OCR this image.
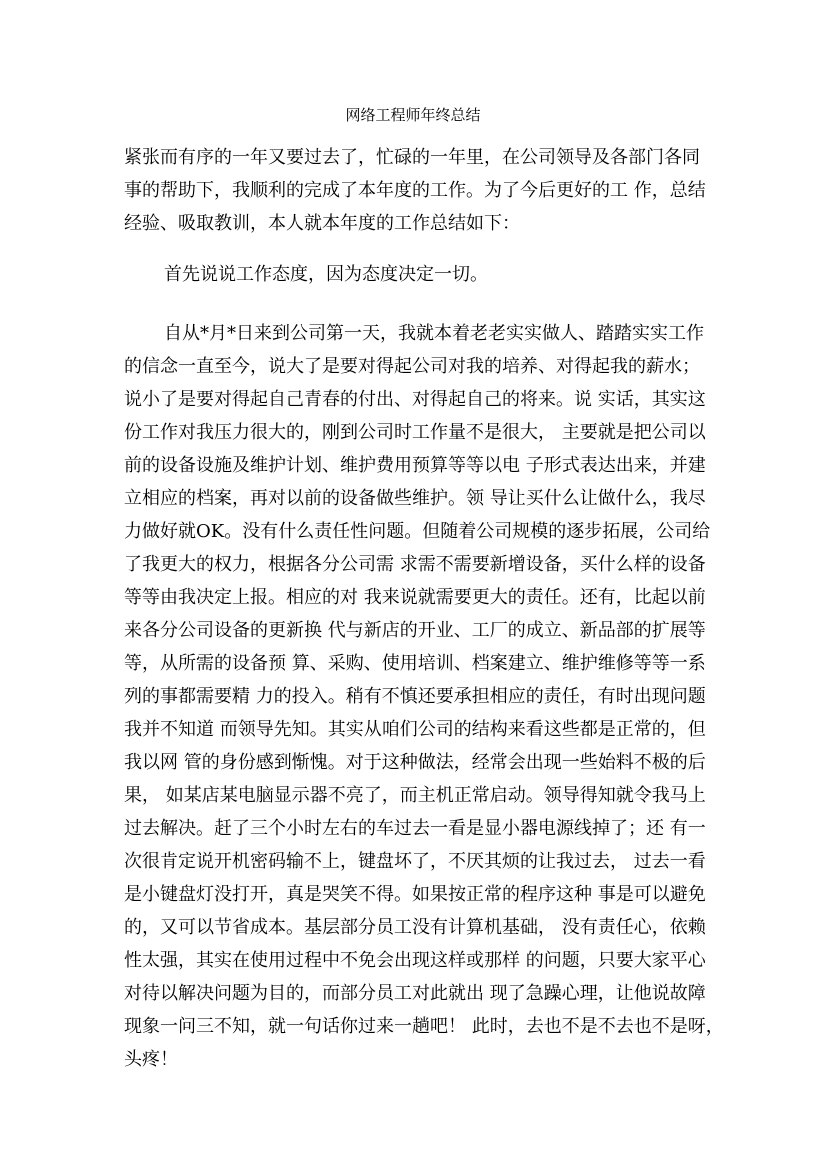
网络工程师年终总结
紧张而有序的一年又要过去了，忙碌的一年里，在公司领导及各部门各同
事的帮助下，我顺利的完成了本年度的工作。为了今后更好的工 作，总结
经验、吸取教训，本人就本年度的工作总结如下：
首先说说工作态度，因为态度决定一切。
自从*月*日来到公司第一天，我就本着老老实实做人、踏踏实实工作
的信念一直至今，说大了是要对得起公司对我的培养、对得起我的薪水；
说小了是要对得起自己青春的付出、对得起自己的将来。说 实话，其实这
份工作对我压力很大的，刚到公司时工作量不是很大， 主要就是把公司以
前的设备设施及维护计划、维护费用预算等等以电 子形式表达出来，并建
立相应的档案，再对以前的设备做些维护。领 导让买什么让做什么，我尽
力做好就OK。没有什么责任性问题。但随着公司规模的逐步拓展，公司给
了我更大的权力，根据各分公司需 求需不需要新增设备，买什么样的设备
等等由我决定上报。相应的对 我来说就需要更大的责任。还有，比起以前
来各分公司设备的更新换 代与新店的开业、工厂的成立、新品部的扩展等
等，从所需的设备预 算、采购、使用培训、档案建立、维护维修等等一系
列的事都需要精 力的投入。稍有不慎还要承担相应的责任，有时出现问题
我并不知道 而领导先知。其实从咱们公司的结构来看这些都是正常的，但
我以网 管的身份感到惭愧。对于这种做法，经常会出现一些始料不极的后
果， 如某店某电脑显示器不亮了，而主机正常启动。领导得知就令我马上
过去解决。赶了三个小时左右的车过去一看是显小器电源线掉了；还 有一
次很肯定说开机密码输不上，键盘坏了，不厌其烦的让我过去， 过去一看
是小键盘灯没打开，真是哭笑不得。如果按正常的程序这种 事是可以避免
的，又可以节省成本。基层部分员工没有计算机基础， 没有责任心，依赖
性太强，其实在使用过程中不免会出现这样或那样 的问题，只要大家平心
对待以解决问题为目的，而部分员工对此就出 现了急躁心理，让他说故障
现象一问三不知，就一句话你过来一趟吧！ 此时，去也不是不去也不是呀，
头疼！
